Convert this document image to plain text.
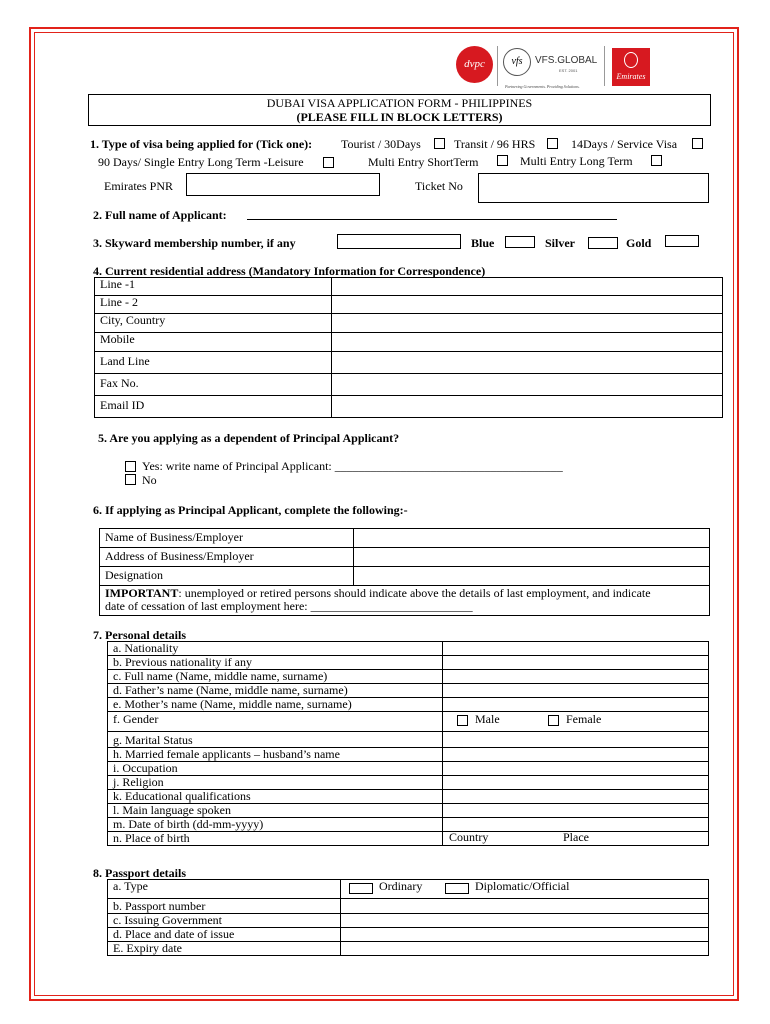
dvpc	vfs	VFS.GLOBAL
EST. 2001
Partnering Governments. Providing Solutions.
Emirates
DUBAI VISA APPLICATION FORM - PHILIPPINES
(PLEASE FILL IN BLOCK LETTERS)
1. Type of visa being applied for (Tick one): Tourist / 30Days	Transit / 96 HRS	14Days / Service Visa
90 Days/ Single Entry Long Term -Leisure	Multi Entry ShortTerm	Multi Entry Long Term
Emirates PNR	Ticket No
2. Full name of Applicant:
3. Skyward membership number, if any	Blue	Silver	Gold
4. Current residential address (Mandatory Information for Correspondence)
Line -1	
Line - 2	
City, Country	
Mobile	
Land Line	
Fax No.	
Email ID	
5. Are you applying as a dependent of Principal Applicant?
Yes: write name of Principal Applicant: ______________________________________
No
6. If applying as Principal Applicant, complete the following:-
Name of Business/Employer	
Address of Business/Employer	
Designation	
IMPORTANT: unemployed or retired persons should indicate above the details of last employment, and indicate
date of cessation of last employment here: ___________________________	
7. Personal details
a. Nationality	
b. Previous nationality if any	
c. Full name (Name, middle name, surname)	
d. Father’s name (Name, middle name, surname)	
e. Mother’s name (Name, middle name, surname)	
f. Gender	Male Female

g. Marital Status	
h. Married female applicants – husband’s name	
i. Occupation	
j. Religion	
k. Educational qualifications	
l. Main language spoken	
m. Date of birth (dd-mm-yyyy)	
n. Place of birth	Country Place

8. Passport details
a. Type	Ordinary Diplomatic/Official

b. Passport number	
c. Issuing Government	
d. Place and date of issue	
E. Expiry date	
